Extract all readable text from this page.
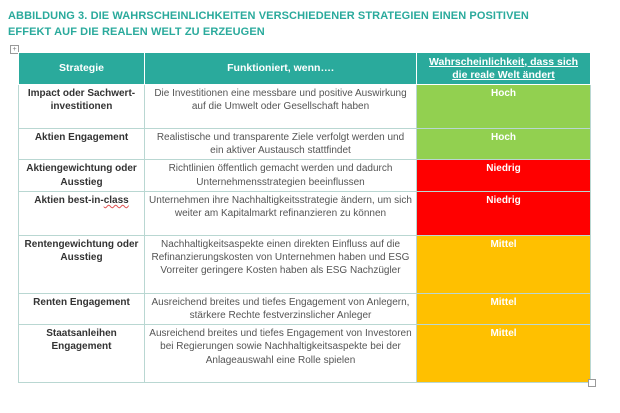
ABBILDUNG 3. DIE WAHRSCHEINLICHKEITEN VERSCHIEDENER STRATEGIEN EINEN POSITIVEN
EFFEKT AUF DIE REALEN WELT ZU ERZEUGEN
+
Strategie	Funktioniert, wenn….	Wahrscheinlichkeit, dass sich die reale Welt ändert
Impact oder Sachwert-investitionen	Die Investitionen eine messbare und positive Auswirkung auf die Umwelt oder Gesellschaft haben	Hoch
Aktien Engagement	Realistische und transparente Ziele verfolgt werden und ein aktiver Austausch stattfindet	Hoch
Aktiengewichtung oder Ausstieg	Richtlinien öffentlich gemacht werden und dadurch Unternehmensstrategien beeinflussen	Niedrig
Aktien best-in-class	Unternehmen ihre Nachhaltigkeitsstrategie ändern, um sich weiter am Kapitalmarkt refinanzieren zu können	Niedrig
Rentengewichtung oder Ausstieg	Nachhaltigkeitsaspekte einen direkten Einfluss auf die Refinanzierungskosten von Unternehmen haben und ESG Vorreiter geringere Kosten haben als ESG Nachzügler	Mittel
Renten Engagement	Ausreichend breites und tiefes Engagement von Anlegern, stärkere Rechte festverzinslicher Anleger	Mittel
Staatsanleihen Engagement	Ausreichend breites und tiefes Engagement von Investoren bei Regierungen sowie Nachhaltigkeitsaspekte bei der Anlageauswahl eine Rolle spielen	Mittel
